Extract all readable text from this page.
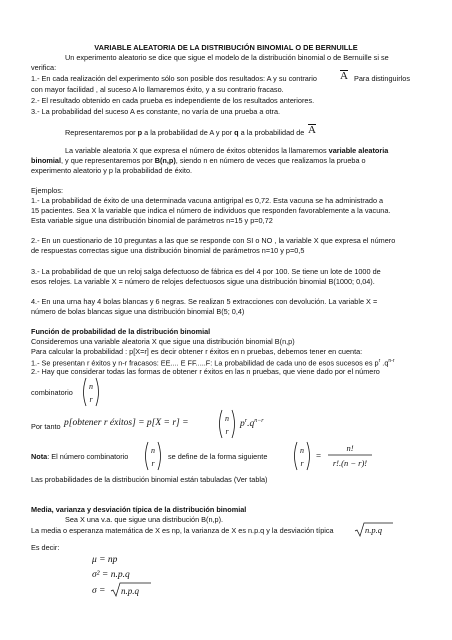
VARIABLE ALEATORIA DE LA DISTRIBUCIÓN BINOMIAL O DE BERNUILLE
Un experimento aleatorio se dice que sigue el modelo de la distribución binomial o de Bernuille si se
verifica:
1.- En cada realización del experimento sólo son posible dos resultados: A y su contrario A Para distinguirlos
con mayor facilidad , al suceso A lo llamaremos éxito, y a su contrario fracaso.
2.- El resultado obtenido en cada prueba es independiente de los resultados anteriores.
3.- La probabilidad del suceso A es constante, no varía de una prueba a otra.
Representaremos por p a la probabilidad de A y por q a la probabilidad de A
La variable aleatoria X que expresa el número de éxitos obtenidos la llamaremos variable aleatoria
binomial, y que representaremos por B(n,p), siendo n en número de veces que realizamos la prueba o
experimento aleatorio y p la probabilidad de éxito.
Ejemplos:
1.- La probabilidad de éxito de una determinada vacuna antigripal es 0,72. Esta vacuna se ha administrado a
15 pacientes. Sea X la variable que indica el número de individuos que responden favorablemente a la vacuna.
Esta variable sigue una distribución binomial de parámetros n=15 y p=0,72
2.- En un cuestionario de 10 preguntas a las que se responde con SI o NO , la variable X que expresa el número
de respuestas correctas sigue una distribución binomial de parámetros n=10 y p=0,5
3.- La probabilidad de que un reloj salga defectuoso de fábrica es del 4 por 100. Se tiene un lote de 1000 de
esos relojes. La variable X = número de relojes defectuosos sigue una distribución binomial B(1000; 0,04).
4.- En una urna hay 4 bolas blancas y 6 negras. Se realizan 5 extracciones con devolución. La variable X =
número de bolas blancas sigue una distribución binomial B(5; 0,4)
Función de probabilidad de la distribución binomial
Consideremos una variable aleatoria X que sigue una distribución binomial B(n,p)
Para calcular la probabilidad : p[X=r] es decir obtener r éxitos en n pruebas, debemos tener en cuenta:
1.- Se presentan r éxitos y n-r fracasos: EE.... E FF.....F: La probabilidad de cada uno de esos sucesos es $p^r$ $.q^{n-r}$
2.- Hay que considerar todas las formas de obtener r éxitos en las n pruebas, que viene dado por el número
combinatorio
n
r
Por tanto p[obtener r éxitos] = p[X = r] =	n
r
$p^r.q^{n-r}$
Nota: El número combinatorio
n
r
se define de la forma siguiente
n
r
=
n!
r!.(n − r)!
Las probabilidades de la distribución binomial están tabuladas (Ver tabla)
Media, varianza y desviación típica de la distribución binomial
Sea X una v.a. que sigue una distribución B(n,p).
La media o esperanza matemática de X es np, la varianza de X es n.p.q y la desviación típica	n.p.q
Es decir:
μ = np
σ² = n.p.q
σ = n.p.q
